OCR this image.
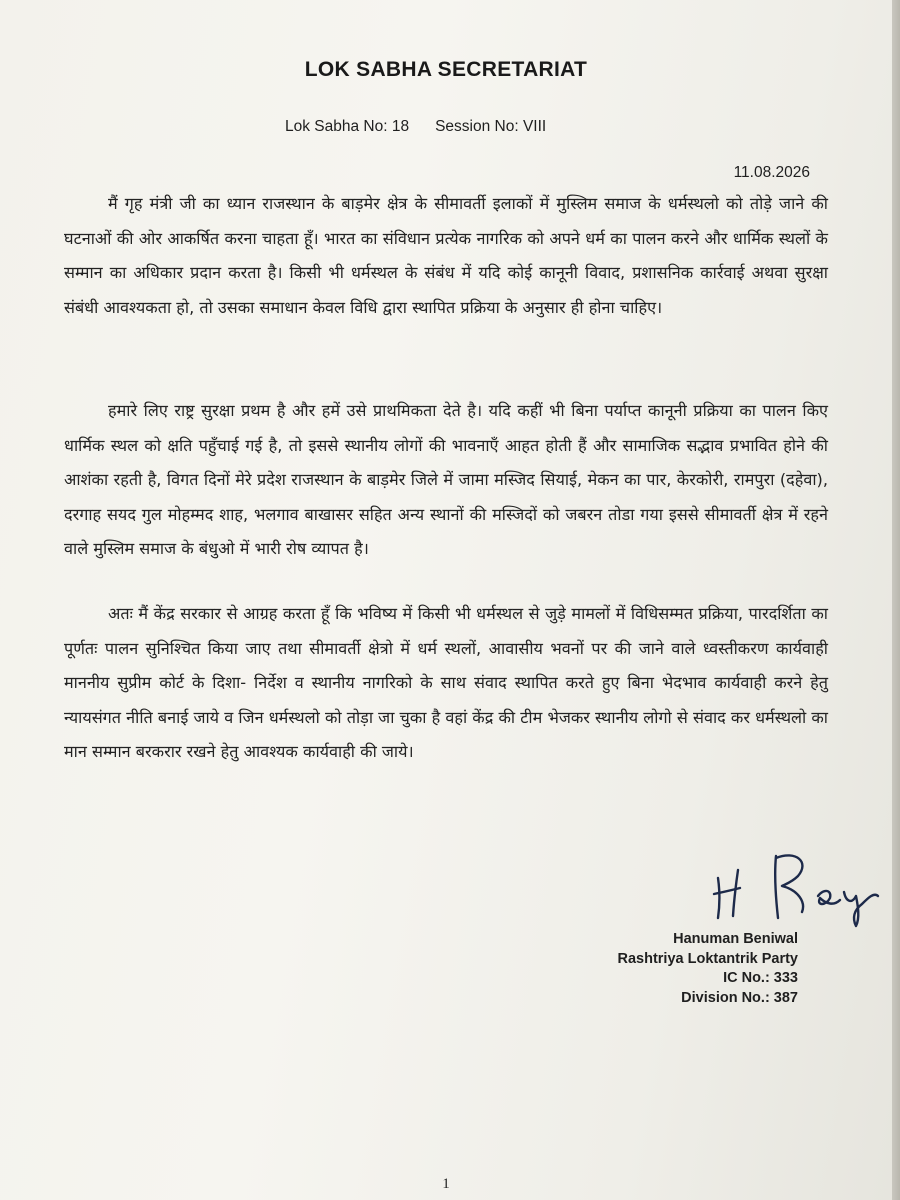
LOK SABHA SECRETARIAT
Lok Sabha No: 18 Session No: VIII
11.08.2026

मैं गृह मंत्री जी का ध्यान राजस्थान के बाड़मेर क्षेत्र के सीमावर्ती इलाकों में मुस्लिम समाज के धर्मस्थलो को तोड़े जाने की घटनाओं की ओर आकर्षित करना चाहता हूँ। भारत का संविधान प्रत्येक नागरिक को अपने धर्म का पालन करने और धार्मिक स्थलों के सम्मान का अधिकार प्रदान करता है। किसी भी धर्मस्थल के संबंध में यदि कोई कानूनी विवाद, प्रशासनिक कार्रवाई अथवा सुरक्षा संबंधी आवश्यकता हो, तो उसका समाधान केवल विधि द्वारा स्थापित प्रक्रिया के अनुसार ही होना चाहिए।

हमारे लिए राष्ट्र सुरक्षा प्रथम है और हमें उसे प्राथमिकता देते है। यदि कहीं भी बिना पर्याप्त कानूनी प्रक्रिया का पालन किए धार्मिक स्थल को क्षति पहुँचाई गई है, तो इससे स्थानीय लोगों की भावनाएँ आहत होती हैं और सामाजिक सद्भाव प्रभावित होने की आशंका रहती है, विगत दिनों मेरे प्रदेश राजस्थान के बाड़मेर जिले में जामा मस्जिद सियाई, मेकन का पार, केरकोरी, रामपुरा (दहेवा), दरगाह सयद गुल मोहम्मद शाह, भलगाव बाखासर सहित अन्य स्थानों की मस्जिदों को जबरन तोडा गया इससे सीमावर्ती क्षेत्र में रहने वाले मुस्लिम समाज के बंधुओ में भारी रोष व्यापत है।

अतः मैं केंद्र सरकार से आग्रह करता हूँ कि भविष्य में किसी भी धर्मस्थल से जुड़े मामलों में विधिसम्मत प्रक्रिया, पारदर्शिता का पूर्णतः पालन सुनिश्चित किया जाए तथा सीमावर्ती क्षेत्रो में धर्म स्थलों, आवासीय भवनों पर की जाने वाले ध्वस्तीकरण कार्यवाही माननीय सुप्रीम कोर्ट के दिशा- निर्देश व स्थानीय नागरिको के साथ संवाद स्थापित करते हुए बिना भेदभाव कार्यवाही करने हेतु न्यायसंगत नीति बनाई जाये व जिन धर्मस्थलो को तोड़ा जा चुका है वहां केंद्र की टीम भेजकर स्थानीय लोगो से संवाद कर धर्मस्थलो का मान सम्मान बरकरार रखने हेतु आवश्यक कार्यवाही की जाये।

Hanuman Beniwal
Rashtriya Loktantrik Party
IC No.: 333
Division No.: 387
1
